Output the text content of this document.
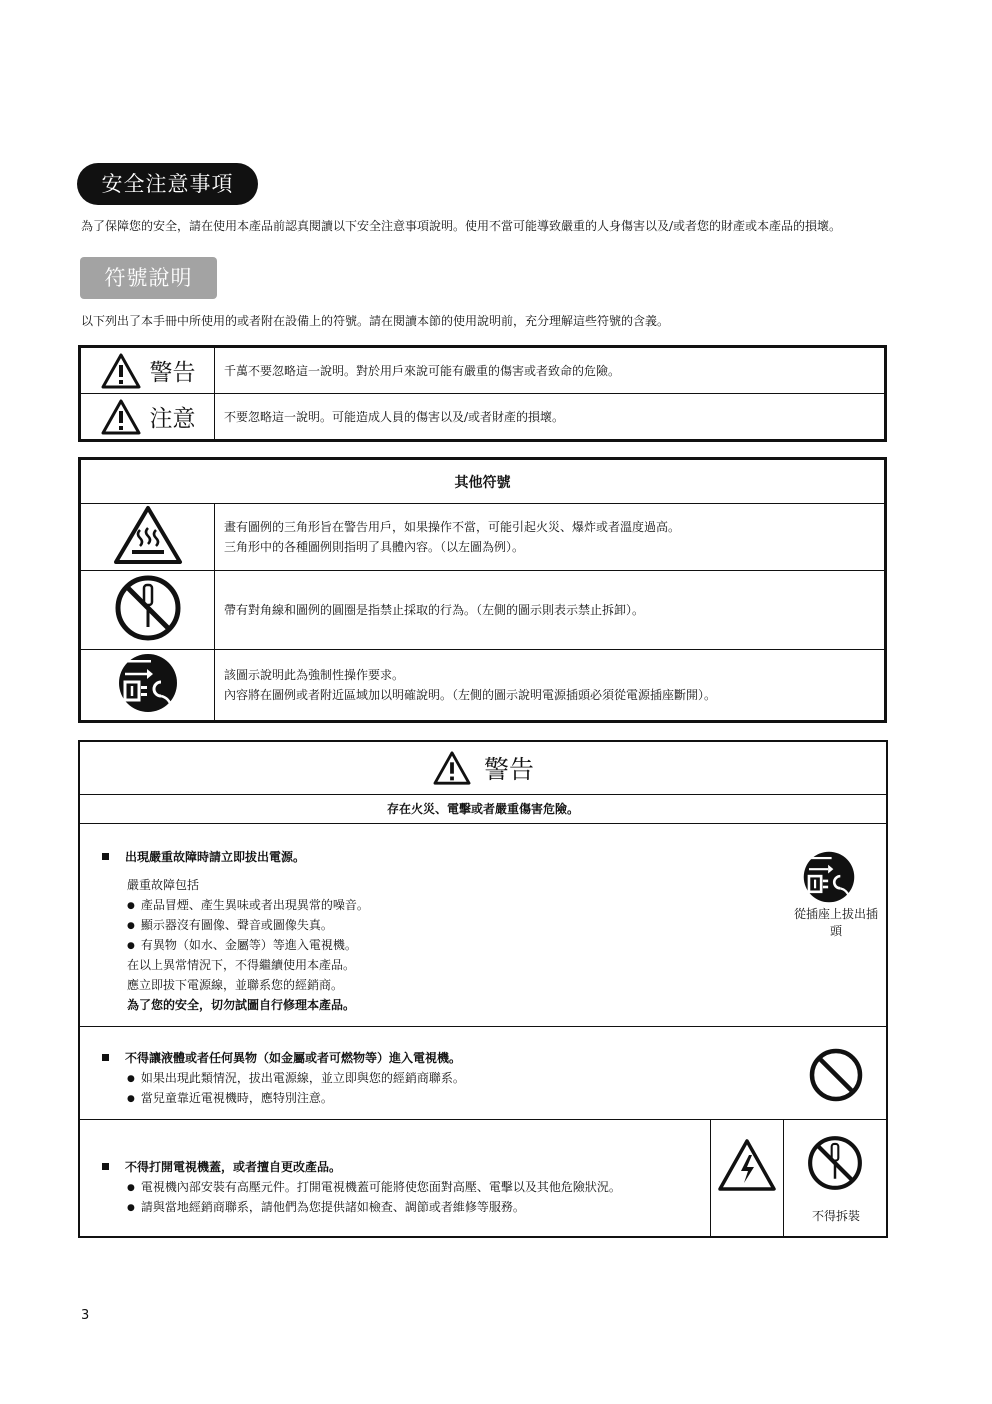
安全注意事項
為了保障您的安全，請在使用本產品前認真閱讀以下安全注意事項說明。使用不當可能導致嚴重的人身傷害以及/或者您的財產或本產品的損壞。
符號說明
以下列出了本手冊中所使用的或者附在設備上的符號。請在閱讀本節的使用說明前，充分理解這些符號的含義。
警告	千萬不要忽略這一說明。對於用戶來說可能有嚴重的傷害或者致命的危險。

注意	不要忽略這一說明。可能造成人員的傷害以及/或者財產的損壞。
其他符號	

畫有圖例的三角形旨在警告用戶，如果操作不當，可能引起火災、爆炸或者溫度過高。
三角形中的各種圖例則指明了具體內容。（以左圖為例）。

帶有對角線和圖例的圓圈是指禁止採取的行為。（左側的圖示則表示禁止拆卸）。

該圖示說明此為強制性操作要求。
內容將在圖例或者附近區域加以明確說明。（左側的圖示說明電源插頭必須從電源插座斷開）。
警告
存在火災、電擊或者嚴重傷害危險。
出現嚴重故障時請立即拔出電源。
嚴重故障包括
● 產品冒煙、產生異味或者出現異常的噪音。
● 顯示器沒有圖像、聲音或圖像失真。
● 有異物（如水、金屬等）等進入電視機。
在以上異常情況下，不得繼續使用本產品。
應立即拔下電源線，並聯系您的經銷商。
為了您的安全，切勿試圖自行修理本產品。
從插座上拔出插
頭
不得讓液體或者任何異物（如金屬或者可燃物等）進入電視機。
● 如果出現此類情況，拔出電源線，並立即與您的經銷商聯系。
● 當兒童靠近電視機時，應特別注意。
不得打開電視機蓋，或者擅自更改產品。
● 電視機內部安裝有高壓元件。打開電視機蓋可能將使您面對高壓、電擊以及其他危險狀況。
● 請與當地經銷商聯系，請他們為您提供諸如檢查、調節或者維修等服務。
不得拆裝
3
